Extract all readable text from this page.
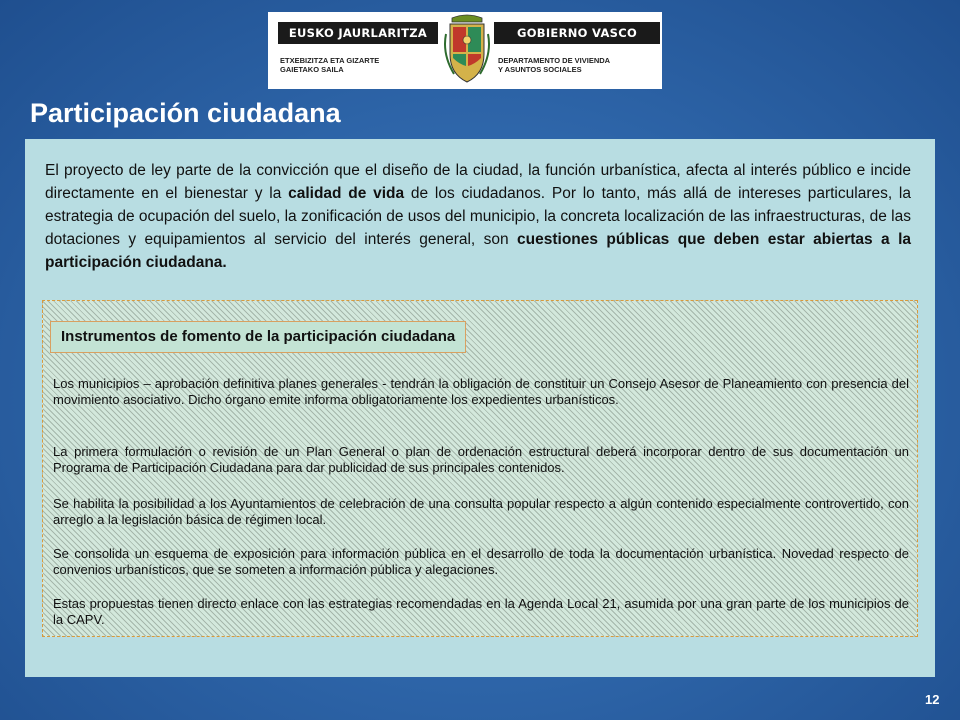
EUSKO JAURLARITZA	GOBIERNO VASCO
ETXEBIZITZA ETA GIZARTE
GAIETAKO SAILA
DEPARTAMENTO DE VIVIENDA
Y ASUNTOS SOCIALES
Participación ciudadana

El proyecto de ley parte de la convicción que el diseño de la ciudad, la función urbanística, afecta al interés público e incide directamente en el bienestar y la calidad de vida de los ciudadanos. Por lo tanto, más allá de intereses particulares, la estrategia de ocupación del suelo, la zonificación de usos del municipio, la concreta localización de las infraestructuras, de las dotaciones y equipamientos al servicio del interés general, son cuestiones públicas que deben estar abiertas a la participación ciudadana.

Instrumentos de fomento de la participación ciudadana

Los municipios – aprobación definitiva planes generales - tendrán la obligación de constituir un Consejo Asesor de Planeamiento con presencia del movimiento asociativo. Dicho órgano emite informa obligatoriamente los expedientes urbanísticos.

La primera formulación o revisión de un Plan General o plan de ordenación estructural deberá incorporar dentro de sus documentación un Programa de Participación Ciudadana para dar publicidad de sus principales contenidos.

Se habilita la posibilidad a los Ayuntamientos de celebración de una consulta popular respecto a algún contenido especialmente controvertido, con arreglo a la legislación básica de régimen local.

Se consolida un esquema de exposición para información pública en el desarrollo de toda la documentación urbanística. Novedad respecto de convenios urbanísticos, que se someten a información pública y alegaciones.

Estas propuestas tienen directo enlace con las estrategias recomendadas en la Agenda Local 21, asumida por una gran parte de los municipios de la CAPV.

12
